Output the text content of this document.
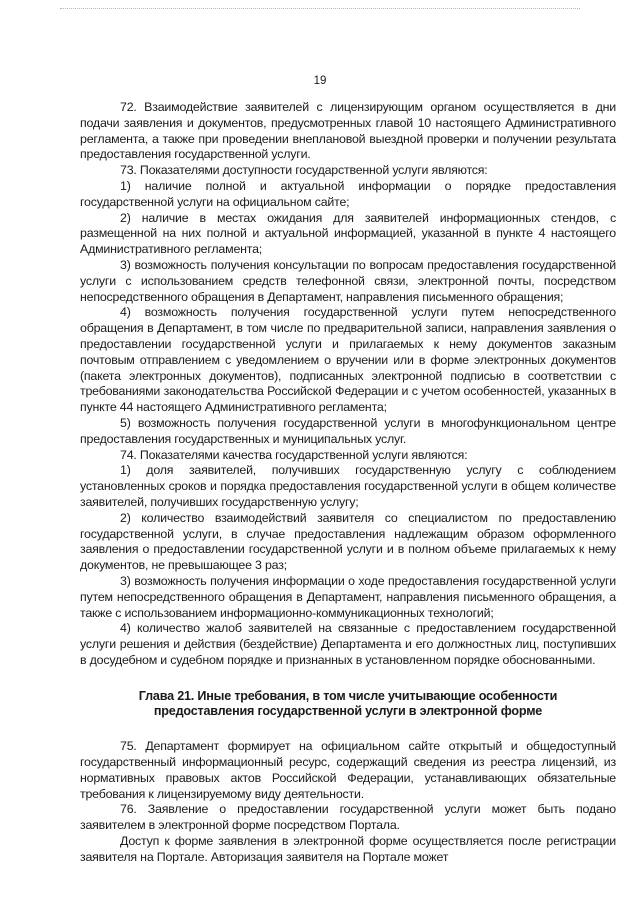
19

72. Взаимодействие заявителей с лицензирующим органом осуществляется в дни подачи заявления и документов, предусмотренных главой 10 настоящего Административного регламента, а также при проведении внеплановой выездной проверки и получении результата предоставления государственной услуги.

73. Показателями доступности государственной услуги являются:

1) наличие полной и актуальной информации о порядке предоставления государственной услуги на официальном сайте;

2) наличие в местах ожидания для заявителей информационных стендов, с размещенной на них полной и актуальной информацией, указанной в пункте 4 настоящего Административного регламента;

3) возможность получения консультации по вопросам предоставления государственной услуги с использованием средств телефонной связи, электронной почты, посредством непосредственного обращения в Департамент, направления письменного обращения;

4) возможность получения государственной услуги путем непосредственного обращения в Департамент, в том числе по предварительной записи, направления заявления о предоставлении государственной услуги и прилагаемых к нему документов заказным почтовым отправлением с уведомлением о вручении или в форме электронных документов (пакета электронных документов), подписанных электронной подписью в соответствии с требованиями законодательства Российской Федерации и с учетом особенностей, указанных в пункте 44 настоящего Административного регламента;

5) возможность получения государственной услуги в многофункциональном центре предоставления государственных и муниципальных услуг.

74. Показателями качества государственной услуги являются:

1) доля заявителей, получивших государственную услугу с соблюдением установленных сроков и порядка предоставления государственной услуги в общем количестве заявителей, получивших государственную услугу;

2) количество взаимодействий заявителя со специалистом по предоставлению государственной услуги, в случае предоставления надлежащим образом оформленного заявления о предоставлении государственной услуги и в полном объеме прилагаемых к нему документов, не превышающее 3 раз;

3) возможность получения информации о ходе предоставления государственной услуги путем непосредственного обращения в Департамент, направления письменного обращения, а также с использованием информационно-коммуникационных технологий;

4) количество жалоб заявителей на связанные с предоставлением государственной услуги решения и действия (бездействие) Департамента и его должностных лиц, поступивших в досудебном и судебном порядке и признанных в установленном порядке обоснованными.

Глава 21. Иные требования, в том числе учитывающие особенности
предоставления государственной услуги в электронной форме

75. Департамент формирует на официальном сайте открытый и общедоступный государственный информационный ресурс, содержащий сведения из реестра лицензий, из нормативных правовых актов Российской Федерации, устанавливающих обязательные требования к лицензируемому виду деятельности.

76. Заявление о предоставлении государственной услуги может быть подано заявителем в электронной форме посредством Портала.

Доступ к форме заявления в электронной форме осуществляется после регистрации заявителя на Портале. Авторизация заявителя на Портале может
